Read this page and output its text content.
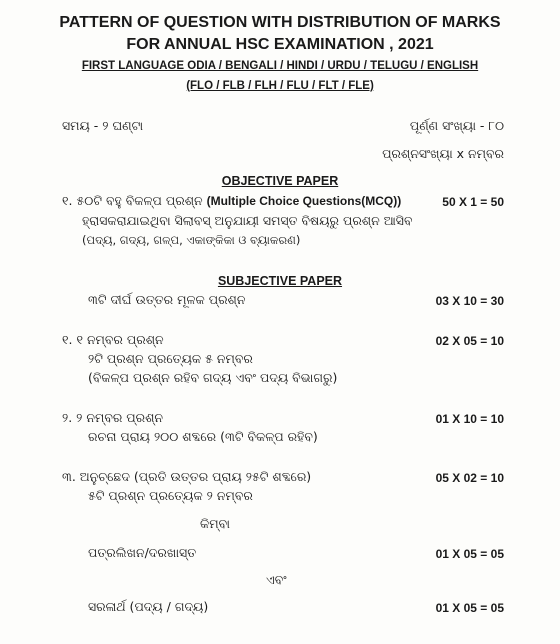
PATTERN OF QUESTION WITH DISTRIBUTION OF MARKS
FOR ANNUAL HSC EXAMINATION , 2021
FIRST LANGUAGE ODIA / BENGALI / HINDI / URDU / TELUGU / ENGLISH
(FLO / FLB / FLH / FLU / FLT / FLE)
ସମୟ - ୨ ଘଣ୍ଟା	ପୂର୍ଣ୍ଣ ସଂଖ୍ୟା - ୮୦
ପ୍ରଶ୍ନସଂଖ୍ୟା x ନମ୍ବର
OBJECTIVE PAPER
୧. ୫୦ଟି ବହୁ ବିକଳ୍ପ ପ୍ରଶ୍ନ (Multiple Choice Questions(MCQ))	50 X 1 = 50
ହ୍ରାସକରାଯାଇଥିବା ସିଲାବସ୍ ଅନୁଯାୟୀ ସମସ୍ତ ବିଷୟରୁ ପ୍ରଶ୍ନ ଆସିବ
(ପଦ୍ୟ, ଗଦ୍ୟ, ଗଳ୍ପ, ଏକାଙ୍କିକା ଓ ବ୍ୟାକରଣ)
SUBJECTIVE PAPER
୩ଟି ଦୀର୍ଘ ଉତ୍ତର ମୂଳକ ପ୍ରଶ୍ନ	03 X 10 = 30
୧. ୧ ନମ୍ବର ପ୍ରଶ୍ନ	02 X 05 = 10
୨ଟି ପ୍ରଶ୍ନ ପ୍ରତ୍ୟେକ ୫ ନମ୍ବର
(ବିକଳ୍ପ ପ୍ରଶ୍ନ ରହିବ ଗଦ୍ୟ ଏବଂ ପଦ୍ୟ ବିଭାଗରୁ)
୨. ୨ ନମ୍ବର ପ୍ରଶ୍ନ	01 X 10 = 10
ରଚନା ପ୍ରାୟ ୨୦୦ ଶବ୍ଦରେ (୩ଟି ବିକଳ୍ପ ରହିବ)
୩. ଅନୁଚ୍ଛେଦ (ପ୍ରତି ଉତ୍ତର ପ୍ରାୟ ୨୫ଟି ଶବ୍ଦରେ)	05 X 02 = 10
୫ଟି ପ୍ରଶ୍ନ ପ୍ରତ୍ୟେକ ୨ ନମ୍ବର
କିମ୍ବା
ପତ୍ରଲିଖନ/ଦରଖାସ୍ତ	01 X 05 = 05
ଏବଂ
ସରଳାର୍ଥ (ପଦ୍ୟ / ଗଦ୍ୟ)	01 X 05 = 05
